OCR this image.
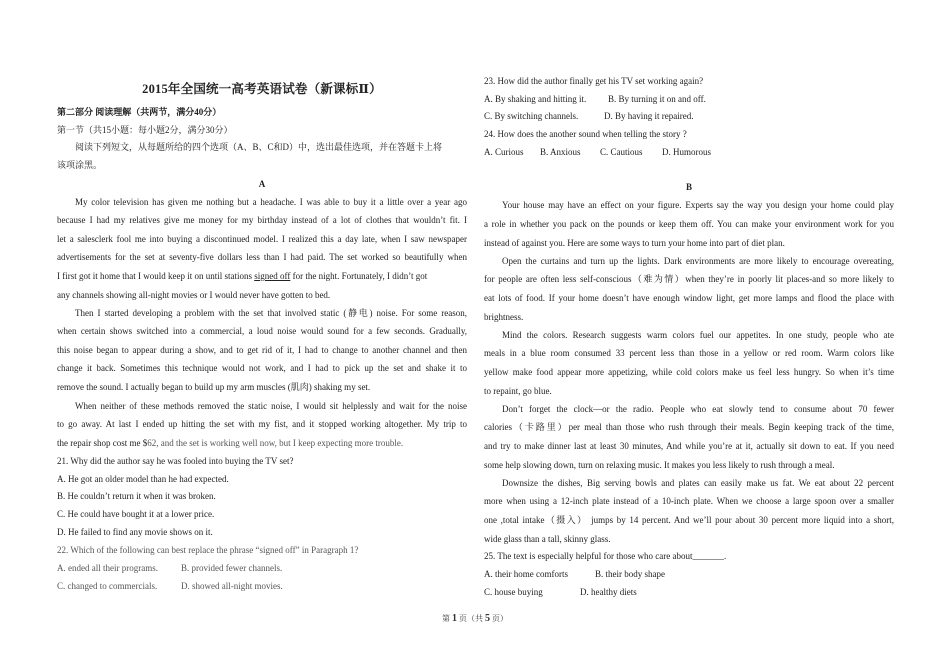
2015年全国统一高考英语试卷（新课标Ⅱ）
第二部分 阅读理解（共两节，满分40分）
第一节（共15小题：每小题2分，满分30分）
阅读下列短文，从每题所给的四个选项（A、B、C和D）中，选出最佳选项，并在答题卡上将
该项涂黑。
A
My color television has given me nothing but a headache. I was able to buy it a little over a year ago
because I had my relatives give me money for my birthday instead of a lot of clothes that wouldn’t fit. I
let a salesclerk fool me into buying a discontinued model. I realized this a day late, when I saw newspaper
advertisements for the set at seventy-five dollars less than I had paid. The set worked so beautifully when
I first got it home that I would keep it on until stations signed off for the night. Fortunately, I didn’t got
any channels showing all-night movies or I would never have gotten to bed.
Then I started developing a problem with the set that involved static (静电) noise. For some reason,
when certain shows switched into a commercial, a loud noise would sound for a few seconds. Gradually,
this noise began to appear during a show, and to get rid of it, I had to change to another channel and then
change it back. Sometimes this technique would not work, and I had to pick up the set and shake it to
remove the sound. I actually began to build up my arm muscles (肌肉) shaking my set.
When neither of these methods removed the static noise, I would sit helplessly and wait for the noise
to go away. At last I ended up hitting the set with my fist, and it stopped working altogether. My trip to
the repair shop cost me $62, and the set is working well now, but I keep expecting more trouble.
21. Why did the author say he was fooled into buying the TV set?
A. He got an older model than he had expected.
B. He couldn’t return it when it was broken.
C. He could have bought it at a lower price.
D. He failed to find any movie shows on it.
22. Which of the following can best replace the phrase “signed off” in Paragraph 1?
A. ended all their programs.	B. provided fewer channels.
C. changed to commercials.	D. showed all-night movies.
23. How did the author finally get his TV set working again?
A. By shaking and hitting it. B. By turning it on and off.
C. By switching channels.	D. By having it repaired.
24. How does the another sound when telling the story ?
A. Curious B. Anxious C. Cautious D. Humorous
B
Your house may have an effect on your figure. Experts say the way you design your home could play
a role in whether you pack on the pounds or keep them off. You can make your environment work for you
instead of against you. Here are some ways to turn your home into part of diet plan.
Open the curtains and turn up the lights. Dark environments are more likely to encourage overeating,
for people are often less self-conscious（难为情）when they’re in poorly lit places-and so more likely to
eat lots of food. If your home doesn’t have enough window light, get more lamps and flood the place with
brightness.
Mind the colors. Research suggests warm colors fuel our appetites. In one study, people who ate
meals in a blue room consumed 33 percent less than those in a yellow or red room. Warm colors like
yellow make food appear more appetizing, while cold colors make us feel less hungry. So when it’s time
to repaint, go blue.
Don’t forget the clock—or the radio. People who eat slowly tend to consume about 70 fewer
calories（卡路里）per meal than those who rush through their meals. Begin keeping track of the time,
and try to make dinner last at least 30 minutes, And while you’re at it, actually sit down to eat. If you need
some help slowing down, turn on relaxing music. It makes you less likely to rush through a meal.
Downsize the dishes, Big serving bowls and plates can easily make us fat. We eat about 22 percent
more when using a 12-inch plate instead of a 10-inch plate. When we choose a large spoon over a smaller
one ,total intake（摄入） jumps by 14 percent. And we’ll pour about 30 percent more liquid into a short,
wide glass than a tall, skinny glass.
25. The text is especially helpful for those who care about_______.
A. their home comforts	B. their body shape
C. house buying	D. healthy diets
第 1 页（共 5 页）
